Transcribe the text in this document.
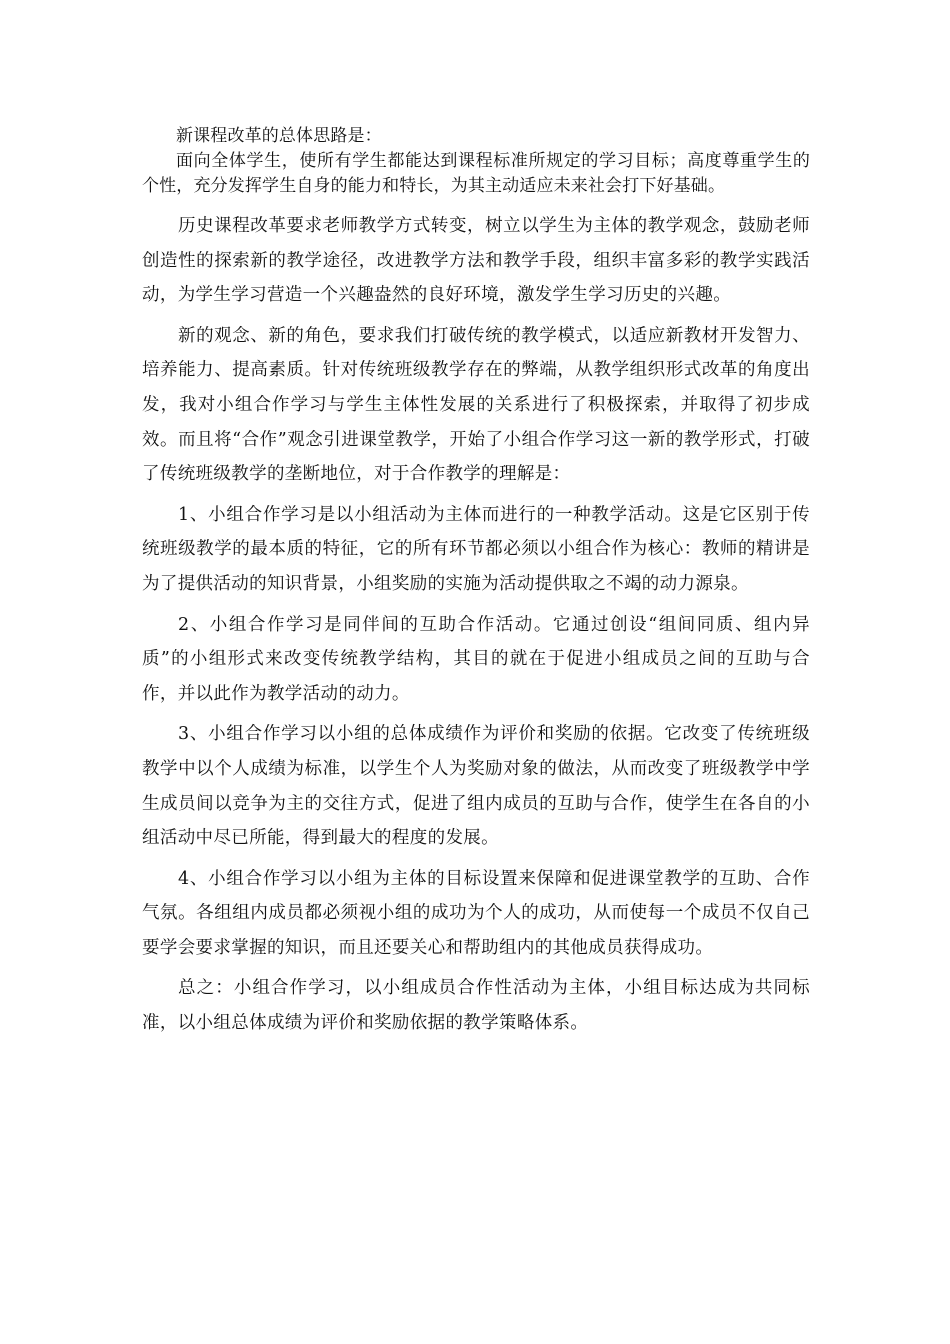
新课程改革的总体思路是：

面向全体学生，使所有学生都能达到课程标准所规定的学习目标；高度尊重学生的个性，充分发挥学生自身的能力和特长，为其主动适应未来社会打下好基础。

历史课程改革要求老师教学方式转变，树立以学生为主体的教学观念，鼓励老师创造性的探索新的教学途径，改进教学方法和教学手段，组织丰富多彩的教学实践活动，为学生学习营造一个兴趣盎然的良好环境，激发学生学习历史的兴趣。

新的观念、新的角色，要求我们打破传统的教学模式，以适应新教材开发智力、培养能力、提高素质。针对传统班级教学存在的弊端，从教学组织形式改革的角度出发，我对小组合作学习与学生主体性发展的关系进行了积极探索，并取得了初步成效。而且将“合作”观念引进课堂教学，开始了小组合作学习这一新的教学形式，打破了传统班级教学的垄断地位，对于合作教学的理解是：

1、小组合作学习是以小组活动为主体而进行的一种教学活动。这是它区别于传统班级教学的最本质的特征，它的所有环节都必须以小组合作为核心：教师的精讲是为了提供活动的知识背景，小组奖励的实施为活动提供取之不竭的动力源泉。

2、小组合作学习是同伴间的互助合作活动。它通过创设“组间同质、组内异质”的小组形式来改变传统教学结构，其目的就在于促进小组成员之间的互助与合作，并以此作为教学活动的动力。

3、小组合作学习以小组的总体成绩作为评价和奖励的依据。它改变了传统班级教学中以个人成绩为标准，以学生个人为奖励对象的做法，从而改变了班级教学中学生成员间以竞争为主的交往方式，促进了组内成员的互助与合作，使学生在各自的小组活动中尽已所能，得到最大的程度的发展。

4、小组合作学习以小组为主体的目标设置来保障和促进课堂教学的互助、合作气氛。各组组内成员都必须视小组的成功为个人的成功，从而使每一个成员不仅自己要学会要求掌握的知识，而且还要关心和帮助组内的其他成员获得成功。

总之：小组合作学习，以小组成员合作性活动为主体，小组目标达成为共同标准，以小组总体成绩为评价和奖励依据的教学策略体系。
